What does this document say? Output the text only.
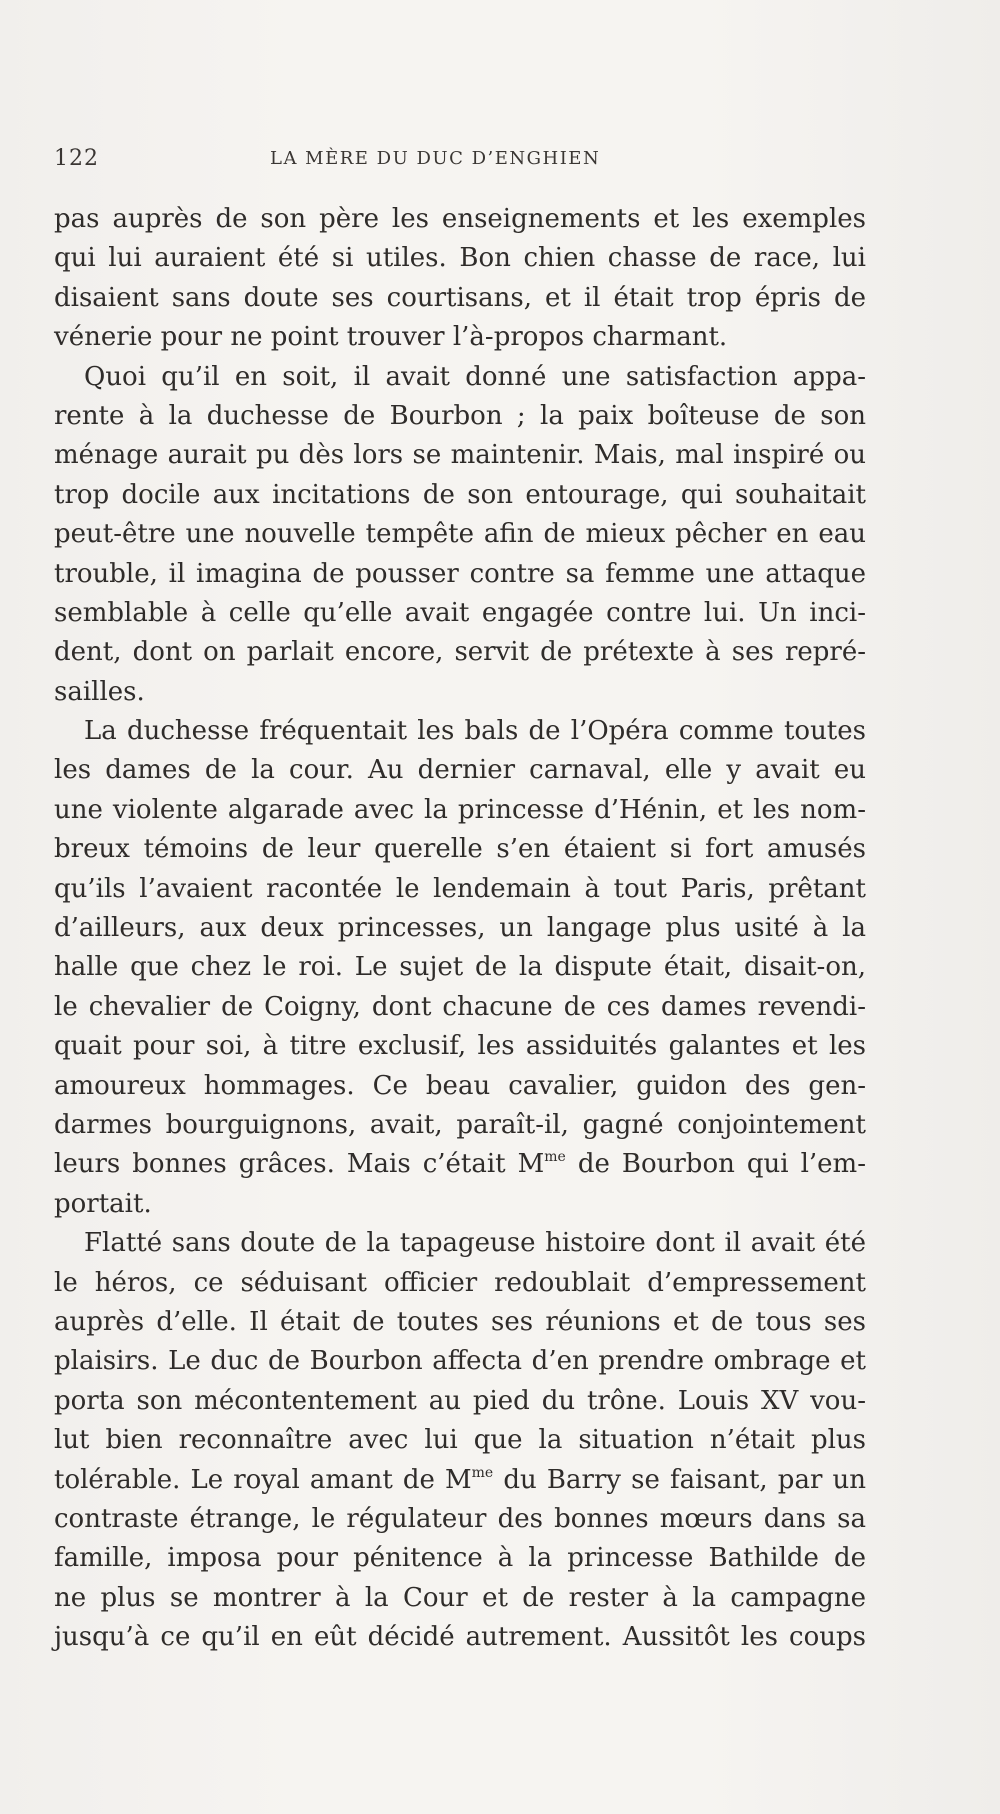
122	LA MÈRE DU DUC D’ENGHIEN
pas auprès de son père les enseignements et les exemples
qui lui auraient été si utiles. Bon chien chasse de race, lui
disaient sans doute ses courtisans, et il était trop épris de
vénerie pour ne point trouver l’à-propos charmant.
Quoi qu’il en soit, il avait donné une satisfaction appa-
rente à la duchesse de Bourbon ; la paix boîteuse de son
ménage aurait pu dès lors se maintenir. Mais, mal inspiré ou
trop docile aux incitations de son entourage, qui souhaitait
peut-être une nouvelle tempête afin de mieux pêcher en eau
trouble, il imagina de pousser contre sa femme une attaque
semblable à celle qu’elle avait engagée contre lui. Un inci-
dent, dont on parlait encore, servit de prétexte à ses repré-
sailles.
La duchesse fréquentait les bals de l’Opéra comme toutes
les dames de la cour. Au dernier carnaval, elle y avait eu
une violente algarade avec la princesse d’Hénin, et les nom-
breux témoins de leur querelle s’en étaient si fort amusés
qu’ils l’avaient racontée le lendemain à tout Paris, prêtant
d’ailleurs, aux deux princesses, un langage plus usité à la
halle que chez le roi. Le sujet de la dispute était, disait-on,
le chevalier de Coigny, dont chacune de ces dames revendi-
quait pour soi, à titre exclusif, les assiduités galantes et les
amoureux hommages. Ce beau cavalier, guidon des gen-
darmes bourguignons, avait, paraît-il, gagné conjointement
leurs bonnes grâces. Mais c’était $M^{me}$ de Bourbon qui l’em-
portait.
Flatté sans doute de la tapageuse histoire dont il avait été
le héros, ce séduisant officier redoublait d’empressement
auprès d’elle. Il était de toutes ses réunions et de tous ses
plaisirs. Le duc de Bourbon affecta d’en prendre ombrage et
porta son mécontentement au pied du trône. Louis XV vou-
lut bien reconnaître avec lui que la situation n’était plus
tolérable. Le royal amant de $M^{me}$ du Barry se faisant, par un
contraste étrange, le régulateur des bonnes mœurs dans sa
famille, imposa pour pénitence à la princesse Bathilde de
ne plus se montrer à la Cour et de rester à la campagne
jusqu’à ce qu’il en eût décidé autrement. Aussitôt les coups
